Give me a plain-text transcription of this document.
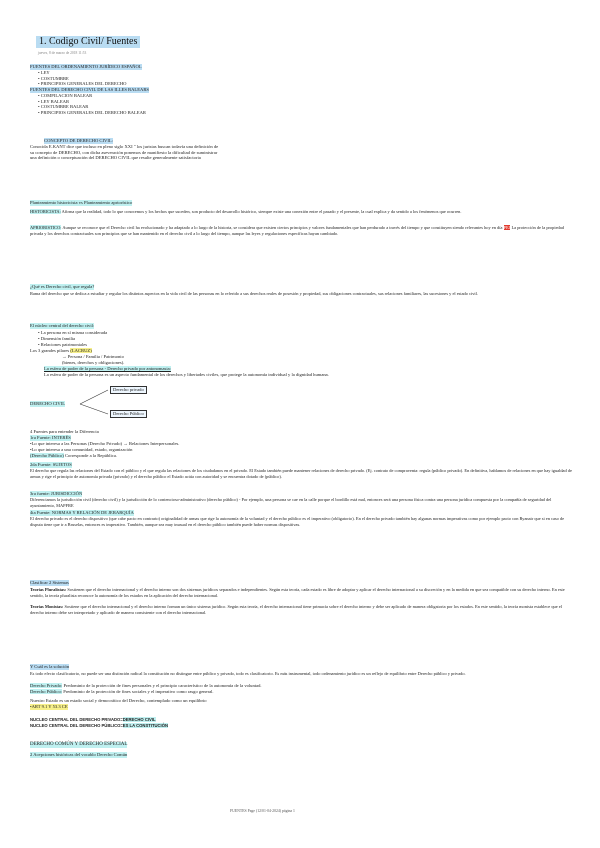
1. Codigo Civil/ Fuentes
jueves, 8 de marzo de 2018 11:53
FUENTES DEL ORDENAMIENTO JURÍDICO ESPAÑOL
• LEY
• COSTUMBRE
• PRINCIPIOS GENERALES DEL DERECHO
FUENTES DEL DERECHO CIVIL DE LAS ILLES BALEARS
• COMPILACION BALEAR
• LEY BALEAR
• COSTUMBRE BALEAR
• PRINCIPIOS GENERALES DEL DERECHO BALEAR
CONCEPTO DE DERECHO CIVIL:
Conocida E.KANT dice que incluso en pleno siglo XXI " los juristas buscan todavía una definición de
su concepto de DERECHO, con dicha aseveración ponemos de manifiesto la dificultad de suministrar
una definición o conceptuación del DERECHO CIVIL que resulte generalmente satisfactoria
Planteamiento historicista vs Planteamiento apriorístico
HISTORICISTA: Afirma que la realidad, todo lo que conocemos y los hechos que suceden, son producto del desarrollo histórico, siempre existe una conexión entre el pasado y el presente, la cual explica y da sentido a los fenómenos que ocurren.
APRIORISTICO: Aunque se reconoce que el Derecho civil ha evolucionado y ha adaptado a lo largo de la historia, se considera que existen ciertos principios y valores fundamentales que han perdurado a través del tiempo y que constituyen siendo relevantes hoy en día PEJ La protección de la propiedad privada y los derechos contractuales son principios que se han mantenido en el derecho civil a lo largo del tiempo, aunque las leyes y regulaciones específicas hayan cambiado.
¿Qué es Derecho civil, que regula?
Rama del derecho que se dedica a estudiar y regular los distintos aspectos en la vida civil de las personas en lo referido a sus derechos reales de posesión y propiedad, sus obligaciones contractuales, sus relaciones familiares, las sucesiones y el estado civil.
El núcleo central del derecho civil:
• La persona en sí misma considerada
• Dimensión familia
• Relaciones patrimoniales
Los 3 grandes pilares (LACRUZ)
→ Persona / Familia / Patrimonio
(bienes, derechos y obligaciones).
La esfera de poder de la persona - Derecho privado por antonomasia:
La esfera de poder de la persona es un aspecto fundamental de los derechos y libertades civiles, que protege la autonomía individual y la dignidad humana.
DERECHO CIVIL
Derecho privado
Derecho Público
4 Fuentes para entender la Diferencia
1ra Fuente: INTERÉS
•Lo que interesa a las Personas (Derecho Privado) → Relaciones Interpersonales.
•Lo que interesa a una comunidad, estado, organización
(Derecho Público) Corresponde a la República.
2da Fuente: SUJETOS
El derecho que regula las relaciones del Estado con el público y el que regula las relaciones de los ciudadanos en el privado. El Estado también puede mantener relaciones de derecho privado. (Ej. contrato de compraventa: regula (público privado). En definitiva, hablamos de relaciones en que hay igualdad de armas y rige el principio de autonomía privada (privado) y el derecho público el Estado actúa con autoridad y se encuentra dotado de (público).
3ra fuente: JURISDICCIÓN
Diferenciamos la jurisdicción civil (derecho civil) y la jurisdicción de lo contencioso-administrativo (derecho público) - Por ejemplo, una persona se cae en la calle porque el bordillo está mal, entonces será una persona física contra una persona jurídica compuesta por la compañía de seguridad del ayuntamiento, MAPFRE
4ta Fuente: NORMAS Y RELACIÓN DE JERARQUÍA
El derecho privado es el derecho dispositivo (que cabe pacto en contrario) originalidad de armas que rige la autonomía de la voluntad y el derecho público es el imperativo (obligatorio). En el derecho privado también hay algunas normas imperativas como por ejemplo pacto con Ryanair que si en caso de disputa tiene que ir a Bruselas, entonces es imperativo. También, aunque sea muy inusual en el derecho público también puede haber normas dispositivas.
Clasificar 2 Sistemas
Teorías Pluralistas: Sostienen que el derecho internacional y el derecho interno son dos sistemas jurídicos separados e independientes. Según esta teoría, cada estado es libre de adoptar y aplicar el derecho internacional a su discreción y en la medida en que sea compatible con su derecho interno. En este sentido, la teoría pluralista reconoce la autonomía de los estados en la aplicación del derecho internacional.
Teorías Monistas: Sostiene que el derecho internacional y el derecho interno forman un único sistema jurídico. Según esta teoría, el derecho internacional tiene primacía sobre el derecho interno y debe ser aplicado de manera obligatoria por los estados. En este sentido, la teoría monista establece que el derecho interno debe ser interpretado y aplicado de manera consistente con el derecho internacional.
Y Cuál es la solución
Es todo efecto clasificatorio, no puede ser una distinción radical la constitución no distingue entre público y privado, todo es clasificatorio. Es más instrumental, todo ordenamiento jurídico es un reflejo de equilibrio entre Derecho público y privado.
Derecho Privado: Predominio de la protección de fines personales y el principio característico de la autonomía de la voluntad.
Derecho Público: Predominio de la protección de fines sociales y el imperativo como rasgo general.
Nuestro Estado es un estado social y democrático del Derecho, contemplado como un equilibrio
•ART 9.1 Y 53.3 CE
NUCLEO CENTRAL DEL DERECHO PRIVADO=DERECHO CIVIL
NUCLEO CENTRAL DEL DERECHO PÚBLICO=ES LA CONSTITUCIÓN
DERECHO COMÚN Y DERECHO ESPECIAL
2 Acepciones históricas del vocablo Derecho Común
FUENTES Page (12/01-04-2024) página 1
